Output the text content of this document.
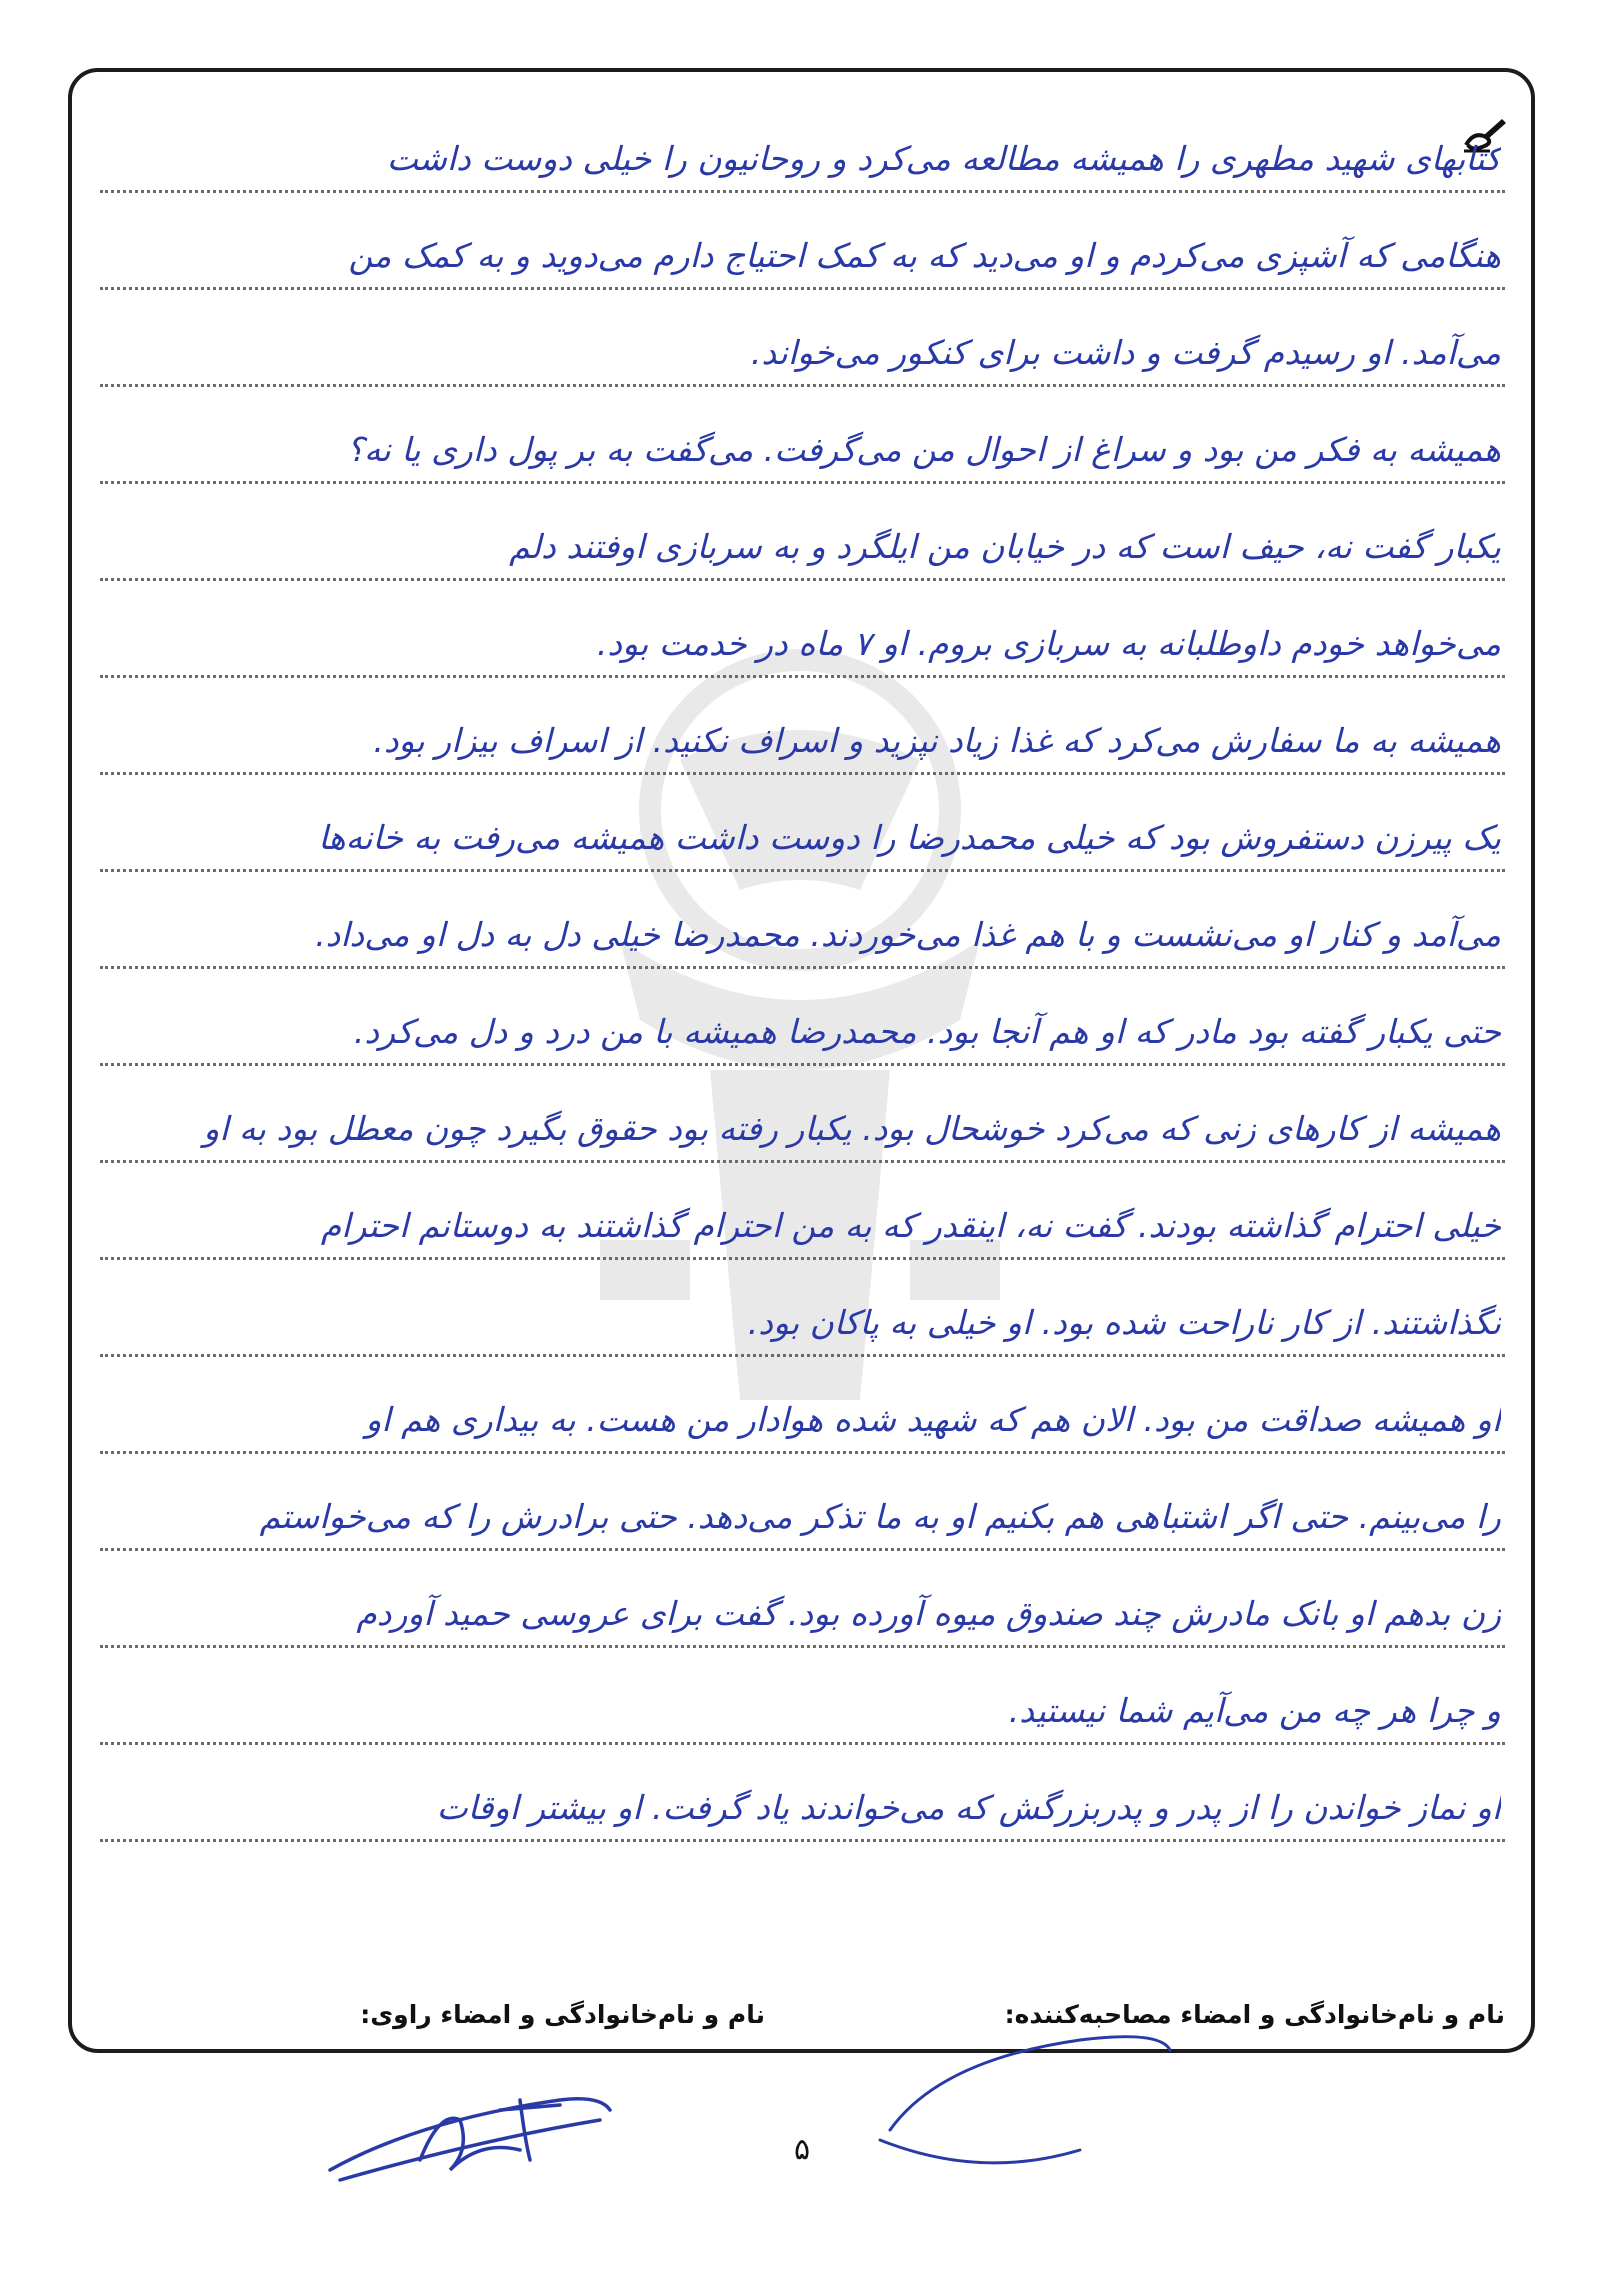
کتابهای شهید مطهری را همیشه مطالعه می‌کرد و روحانیون را خیلی دوست داشت
هنگامی که آشپزی می‌کردم و او می‌دید که به کمک احتیاج دارم می‌دوید و به کمک من
می‌آمد. او رسیدم گرفت و داشت برای کنکور می‌خواند.
همیشه به فکر من بود و سراغ از احوال من می‌گرفت. می‌گفت به بر پول داری یا نه؟
یکبار گفت نه، حیف است که در خیابان من ایلگرد و به سربازی اوفتند دلم
می‌خواهد خودم داوطلبانه به سربازی بروم. او ۷ ماه در خدمت بود.
همیشه به ما سفارش می‌کرد که غذا زیاد نپزید و اسراف نکنید. از اسراف بیزار بود.
یک پیرزن دستفروش بود که خیلی محمدرضا را دوست داشت همیشه می‌رفت به خانه‌ها
می‌آمد و کنار او می‌نشست و با هم غذا می‌خوردند. محمدرضا خیلی دل به دل او می‌داد.
حتی یکبار گفته بود مادر که او هم آنجا بود. محمدرضا همیشه با من درد و دل می‌کرد.
همیشه از کارهای زنی که می‌کرد خوشحال بود. یکبار رفته بود حقوق بگیرد چون معطل بود به او
خیلی احترام گذاشته بودند. گفت نه، اینقدر که به من احترام گذاشتند به دوستانم احترام
نگذاشتند. از کار ناراحت شده بود. او خیلی به پاکان بود.
او همیشه صداقت من بود. الان هم که شهید شده هوادار من هست. به بیداری هم او
را می‌بینم. حتی اگر اشتباهی هم بکنیم او به ما تذکر می‌دهد. حتی برادرش را که می‌خواستم
زن بدهم او بانک مادرش چند صندوق میوه آورده بود. گفت برای عروسی حمید آوردم
و چرا هر چه من می‌آیم شما نیستید.
او نماز خواندن را از پدر و پدربزرگش که می‌خواندند یاد گرفت. او بیشتر اوقات
نام و نام‌خانوادگی و امضاء مصاحبه‌کننده:
نام و نام‌خانوادگی و امضاء راوی:
۵
